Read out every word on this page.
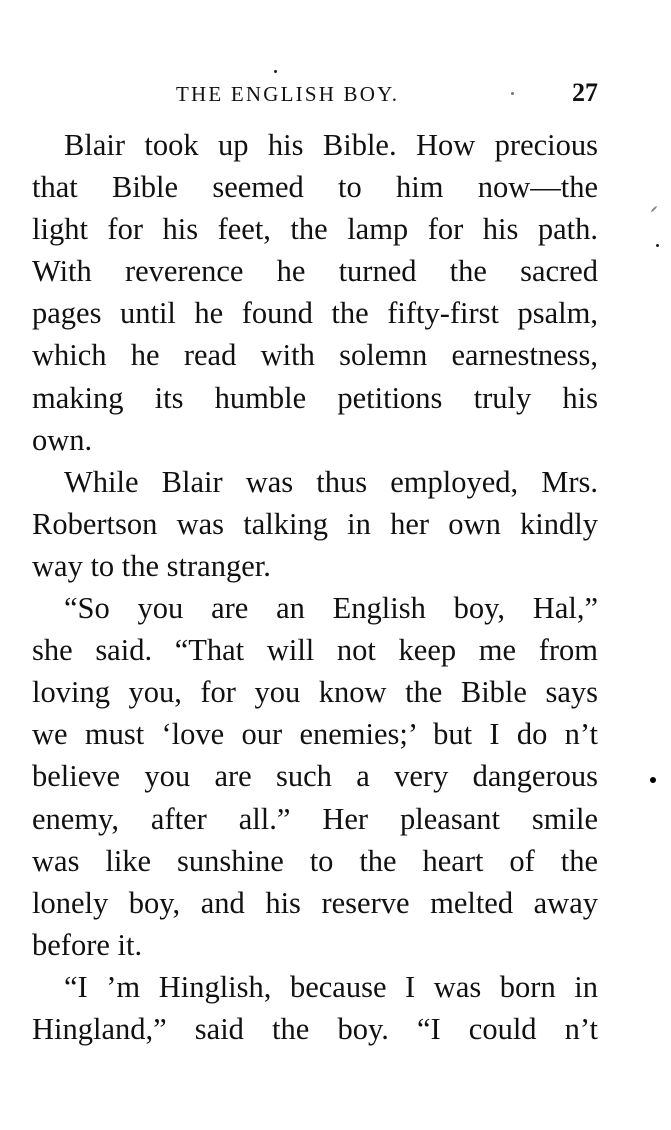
THE ENGLISH BOY.	27
Blair took up his Bible. How precious
that Bible seemed to him now—the
light for his feet, the lamp for his path.
With reverence he turned the sacred
pages until he found the fifty-first psalm,
which he read with solemn earnestness,
making its humble petitions truly his
own.
While Blair was thus employed, Mrs.
Robertson was talking in her own kindly
way to the stranger.
“So you are an English boy, Hal,”
she said. “That will not keep me from
loving you, for you know the Bible says
we must ‘love our enemies;’ but I do n’t
believe you are such a very dangerous
enemy, after all.” Her pleasant smile
was like sunshine to the heart of the
lonely boy, and his reserve melted away
before it.
“I ’m Hinglish, because I was born in
Hingland,” said the boy. “I could n’t
